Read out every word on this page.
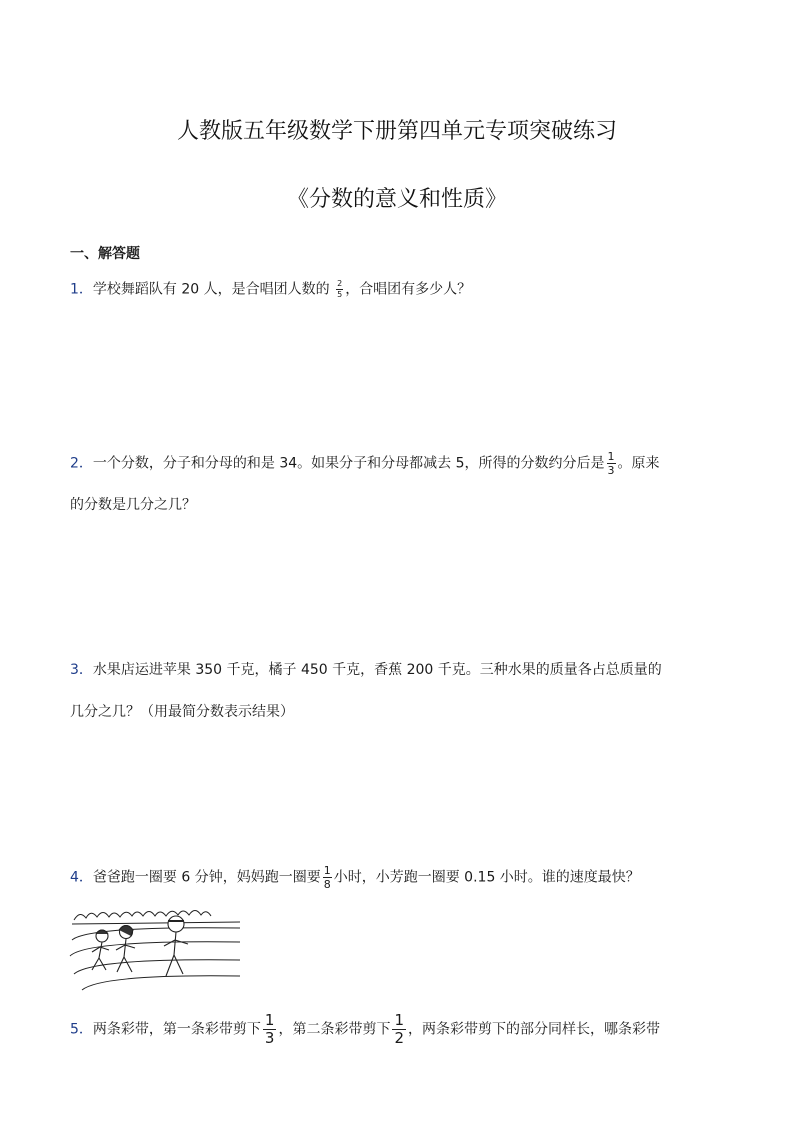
人教版五年级数学下册第四单元专项突破练习
《分数的意义和性质》
一、解答题
1．学校舞蹈队有 20 人，是合唱团人数的 $\frac{2}{5}$ ，合唱团有多少人？
2．一个分数，分子和分母的和是 34。如果分子和分母都减去 5，所得的分数约分后是 $\frac{1}{3}$ 。原来
的分数是几分之几？
3．水果店运进苹果 350 千克，橘子 450 千克，香蕉 200 千克。三种水果的质量各占总质量的
几分之几？（用最简分数表示结果）
4．爸爸跑一圈要 6 分钟，妈妈跑一圈要 $\frac{1}{8}$ 小时，小芳跑一圈要 0.15 小时。谁的速度最快？
5．两条彩带，第一条彩带剪下 $\frac{1}{3}$ ，第二条彩带剪下 $\frac{1}{2}$ ，两条彩带剪下的部分同样长，哪条彩带
